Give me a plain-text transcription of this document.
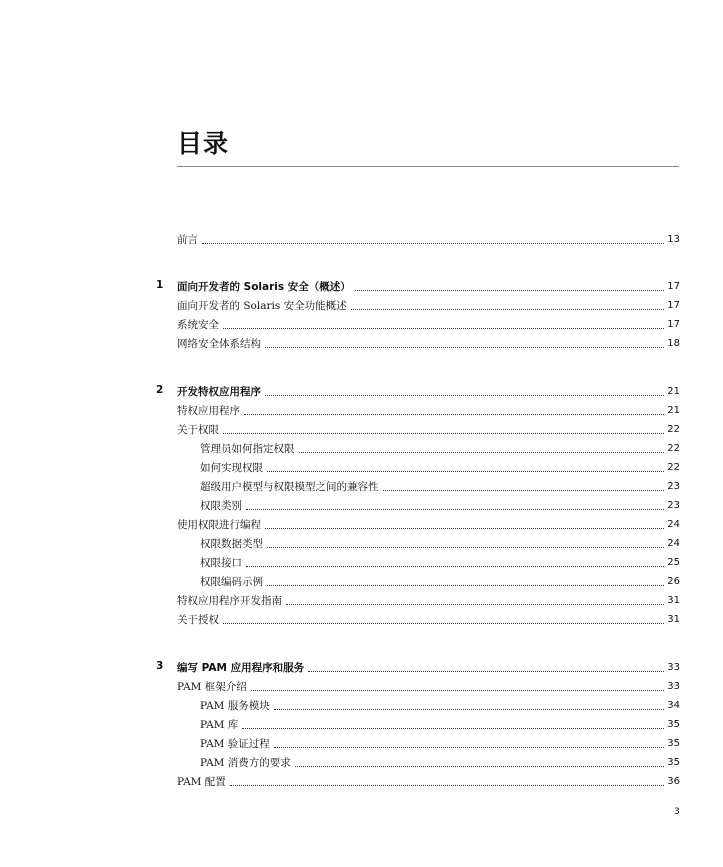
目录
前言	13
1 面向开发者的 Solaris 安全（概述）	17
面向开发者的 Solaris 安全功能概述	17
系统安全	17
网络安全体系结构	18
2 开发特权应用程序	21
特权应用程序	21
关于权限	22
管理员如何指定权限	22
如何实现权限	22
超级用户模型与权限模型之间的兼容性	23
权限类别	23
使用权限进行编程	24
权限数据类型	24
权限接口	25
权限编码示例	26
特权应用程序开发指南	31
关于授权	31
3 编写 PAM 应用程序和服务	33
PAM 框架介绍	33
PAM 服务模块	34
PAM 库	35
PAM 验证过程	35
PAM 消费方的要求	35
PAM 配置	36
3
